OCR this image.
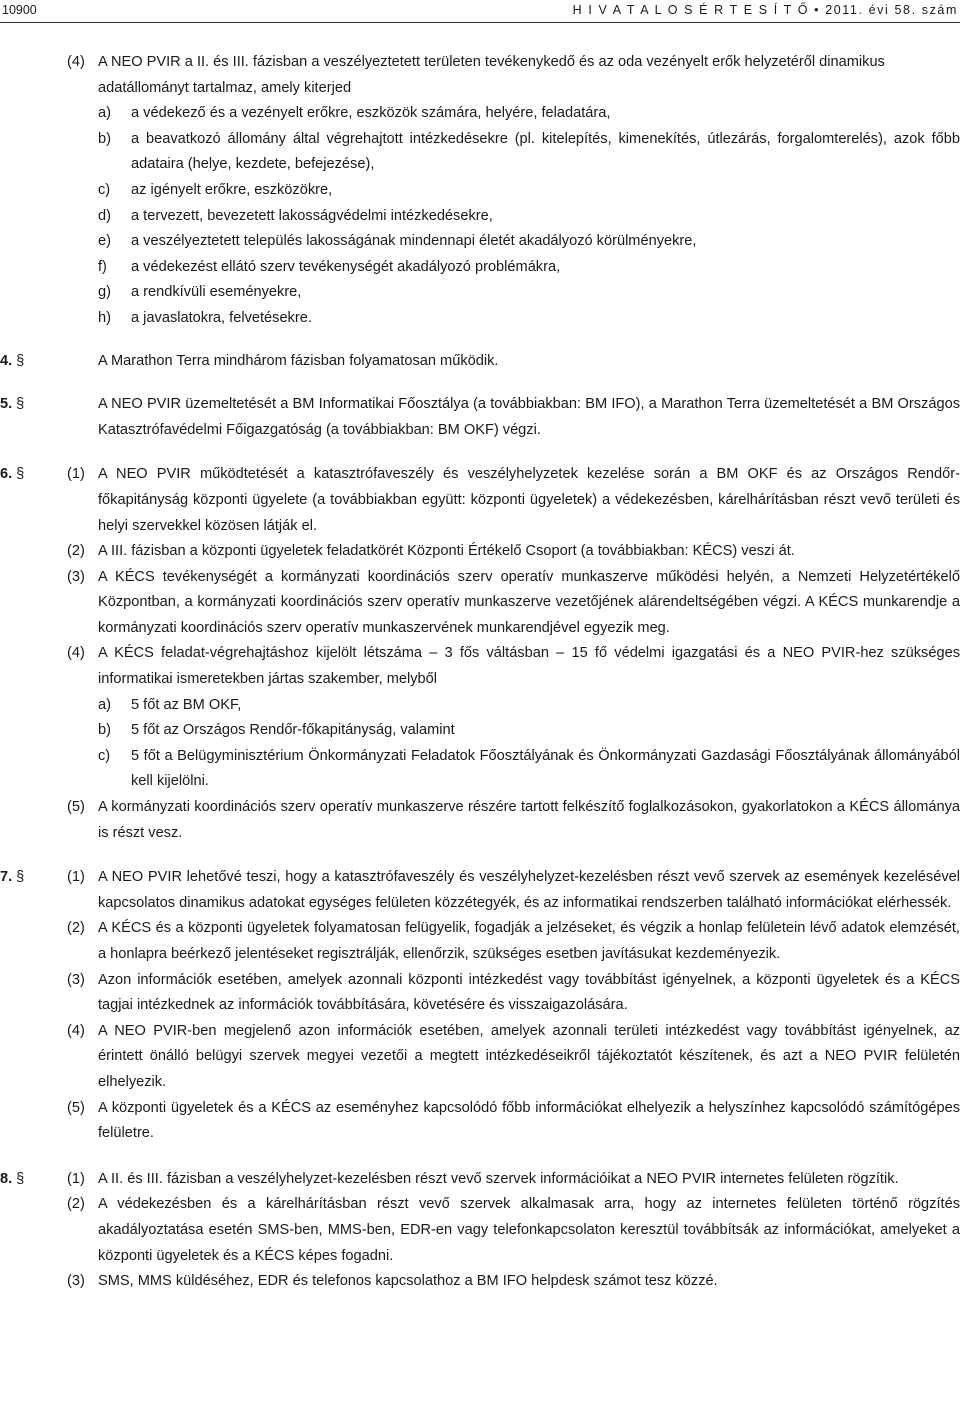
10900	H I V A T A L O S É R T E S Í T Ő • 2011. évi 58. szám
(4) A NEO PVIR a II. és III. fázisban a veszélyeztetett területen tevékenykedő és az oda vezényelt erők helyzetéről dinamikus
adatállományt tartalmaz, amely kiterjed
a) a védekező és a vezényelt erőkre, eszközök számára, helyére, feladatára,
b) a beavatkozó állomány által végrehajtott intézkedésekre (pl. kitelepítés, kimenekítés, útlezárás, forgalomterelés), azok főbb adataira (helye, kezdete, befejezése),
c) az igényelt erőkre, eszközökre,
d) a tervezett, bevezetett lakosságvédelmi intézkedésekre,
e) a veszélyeztetett település lakosságának mindennapi életét akadályozó körülményekre,
f) a védekezést ellátó szerv tevékenységét akadályozó problémákra,
g) a rendkívüli eseményekre,
h) a javaslatokra, felvetésekre.
4. §	A Marathon Terra mindhárom fázisban folyamatosan működik.
5. §	A NEO PVIR üzemeltetését a BM Informatikai Főosztálya (a továbbiakban: BM IFO), a Marathon Terra üzemeltetését a BM Országos Katasztrófavédelmi Főigazgatóság (a továbbiakban: BM OKF) végzi.
6. §	(1) A NEO PVIR működtetését a katasztrófaveszély és veszélyhelyzetek kezelése során a BM OKF és az Országos Rendőr-főkapitányság központi ügyelete (a továbbiakban együtt: központi ügyeletek) a védekezésben, kárelhárításban részt vevő területi és helyi szervekkel közösen látják el.
(2) A III. fázisban a központi ügyeletek feladatkörét Központi Értékelő Csoport (a továbbiakban: KÉCS) veszi át.
(3) A KÉCS tevékenységét a kormányzati koordinációs szerv operatív munkaszerve működési helyén, a Nemzeti Helyzetértékelő Központban, a kormányzati koordinációs szerv operatív munkaszerve vezetőjének alárendeltségében végzi. A KÉCS munkarendje a kormányzati koordinációs szerv operatív munkaszervének munkarendjével egyezik meg.
(4) A KÉCS feladat-végrehajtáshoz kijelölt létszáma – 3 fős váltásban – 15 fő védelmi igazgatási és a NEO PVIR-hez szükséges informatikai ismeretekben jártas szakember, melyből
a) 5 főt az BM OKF,
b) 5 főt az Országos Rendőr-főkapitányság, valamint
c) 5 főt a Belügyminisztérium Önkormányzati Feladatok Főosztályának és Önkormányzati Gazdasági Főosztályának állományából kell kijelölni.
(5) A kormányzati koordinációs szerv operatív munkaszerve részére tartott felkészítő foglalkozásokon, gyakorlatokon a KÉCS állománya is részt vesz.
7. §	(1) A NEO PVIR lehetővé teszi, hogy a katasztrófaveszély és veszélyhelyzet-kezelésben részt vevő szervek az események kezelésével kapcsolatos dinamikus adatokat egységes felületen közzétegyék, és az informatikai rendszerben található információkat elérhessék.
(2) A KÉCS és a központi ügyeletek folyamatosan felügyelik, fogadják a jelzéseket, és végzik a honlap felületein lévő adatok elemzését, a honlapra beérkező jelentéseket regisztrálják, ellenőrzik, szükséges esetben javításukat kezdeményezik.
(3) Azon információk esetében, amelyek azonnali központi intézkedést vagy továbbítást igényelnek, a központi ügyeletek és a KÉCS tagjai intézkednek az információk továbbítására, követésére és visszaigazolására.
(4) A NEO PVIR-ben megjelenő azon információk esetében, amelyek azonnali területi intézkedést vagy továbbítást igényelnek, az érintett önálló belügyi szervek megyei vezetői a megtett intézkedéseikről tájékoztatót készítenek, és azt a NEO PVIR felületén elhelyezik.
(5) A központi ügyeletek és a KÉCS az eseményhez kapcsolódó főbb információkat elhelyezik a helyszínhez kapcsolódó számítógépes felületre.
8. §	(1) A II. és III. fázisban a veszélyhelyzet-kezelésben részt vevő szervek információikat a NEO PVIR internetes felületen rögzítik.
(2) A védekezésben és a kárelhárításban részt vevő szervek alkalmasak arra, hogy az internetes felületen történő rögzítés akadályoztatása esetén SMS-ben, MMS-ben, EDR-en vagy telefonkapcsolaton keresztül továbbítsák az információkat, amelyeket a központi ügyeletek és a KÉCS képes fogadni.
(3) SMS, MMS küldéséhez, EDR és telefonos kapcsolathoz a BM IFO helpdesk számot tesz közzé.
